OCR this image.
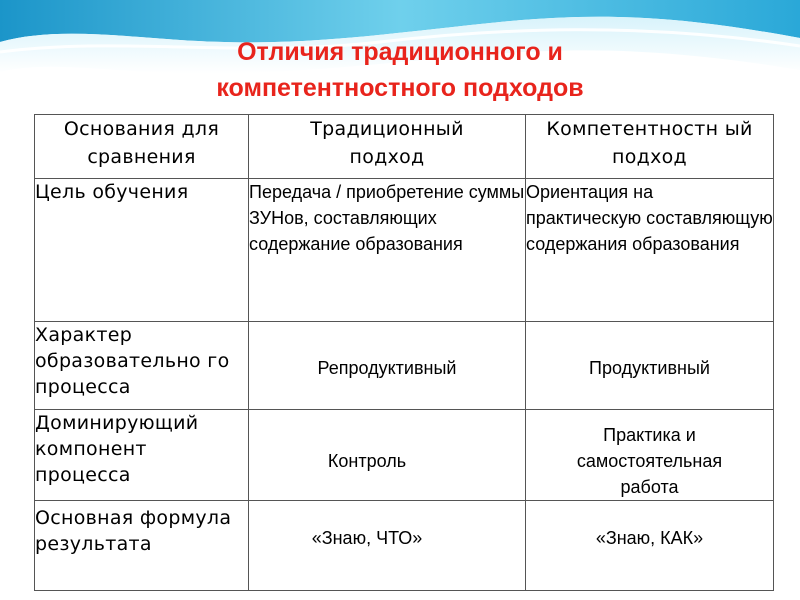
Отличия традиционного и
компетентностного подходов
Основания для сравнения	Традиционный подход	Компетентностн ый подход
Цель обучения	Передача / приобретение суммы ЗУНов, составляющих содержание образования	Ориентация на практическую составляющую содержания образования
Характер образовательно го процесса	Репродуктивный	Продуктивный
Доминирующий компонент процесса	Контроль	Практика и самостоятельная работа
Основная формула результата	«Знаю, ЧТО»	«Знаю, КАК»
